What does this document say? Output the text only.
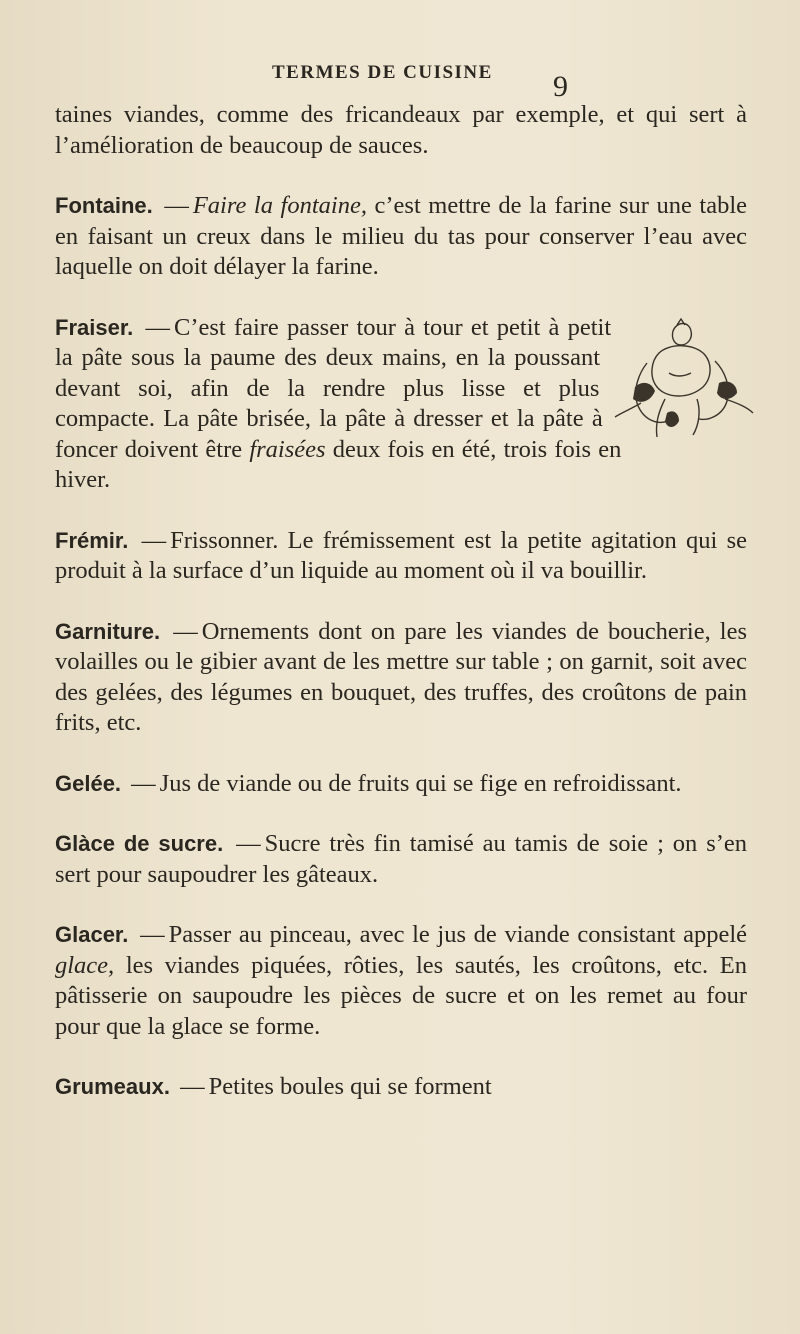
TERMES DE CUISINE 9

taines viandes, comme des fricandeaux par exemple, et qui sert à l’amélioration de beaucoup de sauces.

Fontaine. — Faire la fontaine, c’est mettre de la farine sur une table en faisant un creux dans le milieu du tas pour conserver l’eau avec laquelle on doit délayer la farine.

Fraiser. — C’est faire passer tour à tour et petit à petit la pâte sous la paume des deux mains, en la poussant devant soi, afin de la rendre plus lisse et plus compacte. La pâte brisée, la pâte à dresser et la pâte à foncer doivent être fraisées deux fois en été, trois fois en hiver.

Frémir. — Frissonner. Le frémissement est la petite agitation qui se produit à la surface d’un liquide au moment où il va bouillir.

Garniture. — Ornements dont on pare les viandes de boucherie, les volailles ou le gibier avant de les mettre sur table ; on garnit, soit avec des gelées, des légumes en bouquet, des truffes, des croûtons de pain frits, etc.

Gelée. — Jus de viande ou de fruits qui se fige en refroidissant.

Glàce de sucre. — Sucre très fin tamisé au tamis de soie ; on s’en sert pour saupoudrer les gâteaux.

Glacer. — Passer au pinceau, avec le jus de viande consistant appelé glace, les viandes piquées, rôties, les sautés, les croûtons, etc. En pâtisserie on saupoudre les pièces de sucre et on les remet au four pour que la glace se forme.

Grumeaux. — Petites boules qui se forment
